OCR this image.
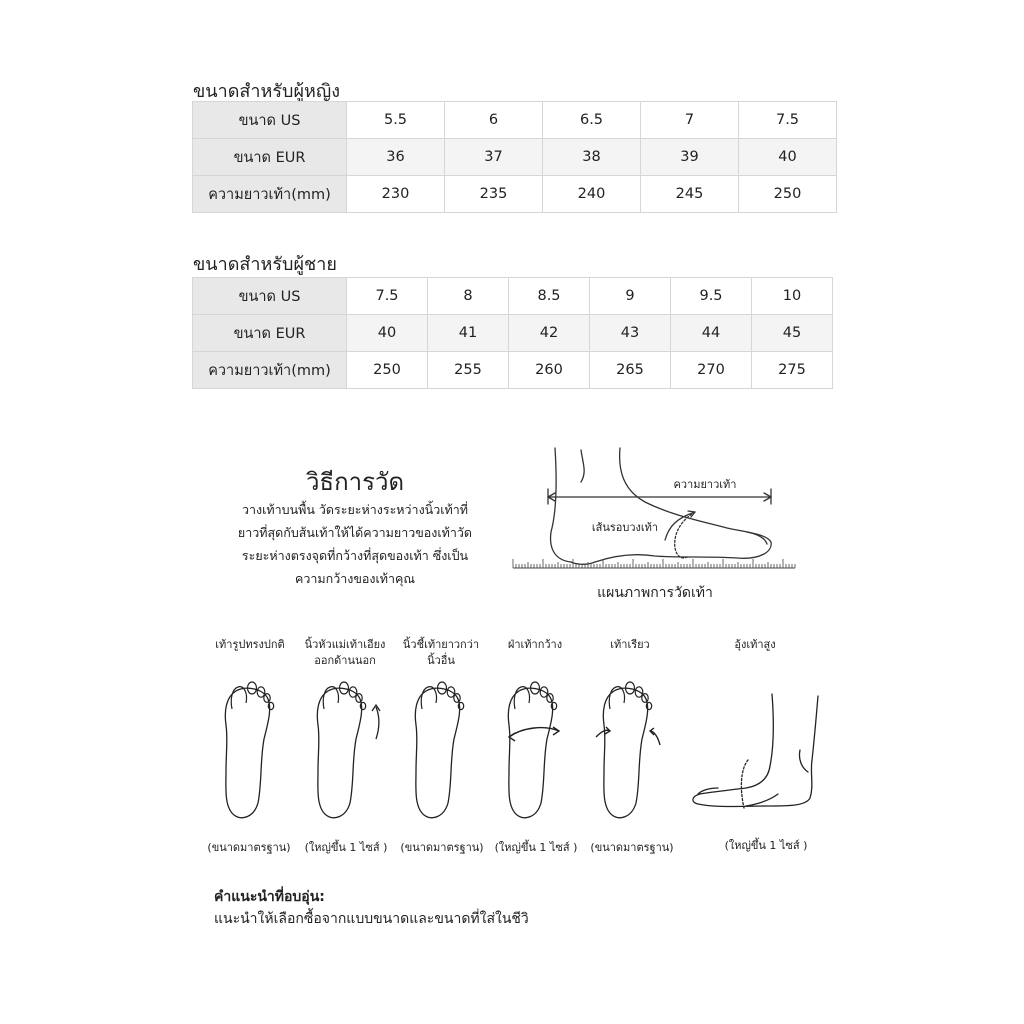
ขนาดสำหรับผู้หญิง
ขนาด US	5.5	6	6.5	7	7.5
ขนาด EUR	36	37	38	39	40
ความยาวเท้า(mm)	230	235	240	245	250
ขนาดสำหรับผู้ชาย
ขนาด US	7.5	8	8.5	9	9.5	10
ขนาด EUR	40	41	42	43	44	45
ความยาวเท้า(mm)	250	255	260	265	270	275
วิธีการวัด
วางเท้าบนพื้น วัดระยะห่างระหว่างนิ้วเท้าที่
ยาวที่สุดกับส้นเท้าให้ได้ความยาวของเท้าวัด
ระยะห่างตรงจุดที่กว้างที่สุดของเท้า ซึ่งเป็น
ความกว้างของเท้าคุณ
ความยาวเท้า
เส้นรอบวงเท้า
แผนภาพการวัดเท้า
เท้ารูปทรงปกติ	นิ้วหัวแม่เท้าเอียงออกด้านนอก
นิ้วชี้เท้ายาวกว่านิ้วอื่น
ฝ่าเท้ากว้าง	เท้าเรียว	อุ้งเท้าสูง
(ขนาดมาตรฐาน)	(ใหญ่ขึ้น 1 ไซส์ )	(ขนาดมาตรฐาน) (ใหญ่ขึ้น 1 ไซส์ )	(ขนาดมาตรฐาน)	(ใหญ่ขึ้น 1 ไซส์ )
คำแนะนำที่อบอุ่น:
แนะนำให้เลือกซื้อจากแบบขนาดและขนาดที่ใส่ในชีวิ
